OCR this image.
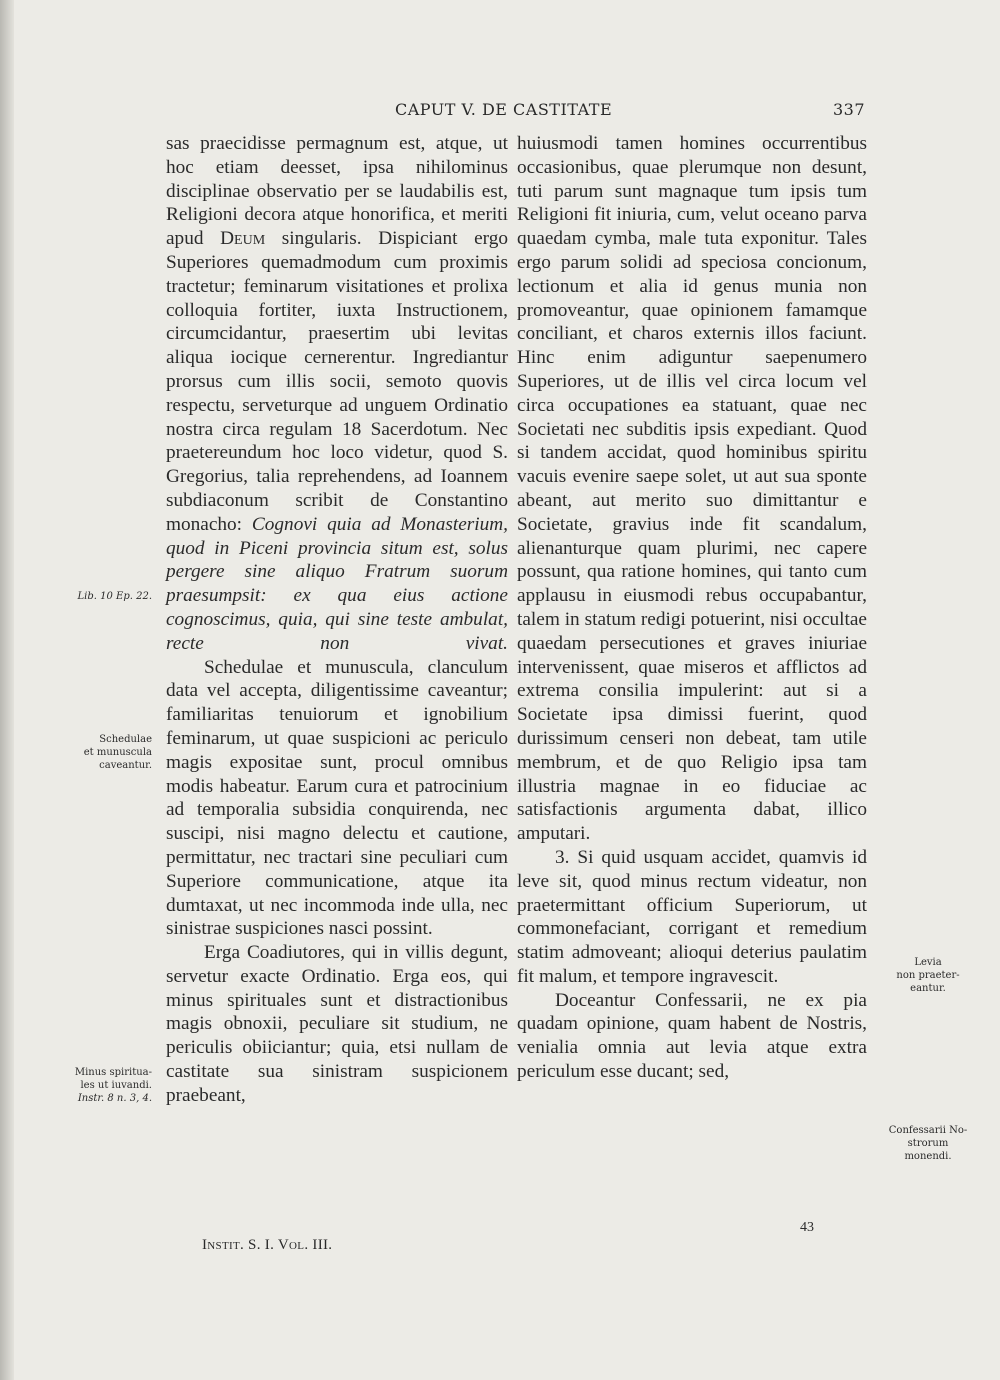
CAPUT V. DE CASTITATE	337

sas praecidisse permagnum est, atque, ut hoc etiam deesset, ipsa nihilominus disciplinae observatio per se laudabilis est, Religioni decora atque honorifica, et meriti apud Deum singularis. Dispiciant ergo Superiores quemadmodum cum proximis tractetur; feminarum visitationes et prolixa colloquia fortiter, iuxta Instructionem, circumcidantur, praesertim ubi levitas aliqua iocique cernerentur. Ingrediantur prorsus cum illis socii, semoto quovis respectu, serveturque ad unguem Ordinatio nostra circa regulam 18 Sacerdotum. Nec praetereundum hoc loco videtur, quod S. Gregorius, talia reprehendens, ad Ioannem subdiaconum scribit de Constantino monacho: Cognovi quia ad Monasterium, quod in Piceni provincia situm est, solus pergere sine aliquo Fratrum suorum praesumpsit: ex qua eius actione cognoscimus, quia, qui sine teste ambulat, recte non vivat.

Schedulae et munuscula, clanculum data vel accepta, diligentissime caveantur; familiaritas tenuiorum et ignobilium feminarum, ut quae suspicioni ac periculo magis expositae sunt, procul omnibus modis habeatur. Earum cura et patrocinium ad temporalia subsidia conquirenda, nec suscipi, nisi magno delectu et cautione, permittatur, nec tractari sine peculiari cum Superiore communicatione, atque ita dumtaxat, ut nec incommoda inde ulla, nec sinistrae suspiciones nasci possint.

Erga Coadiutores, qui in villis degunt, servetur exacte Ordinatio. Erga eos, qui minus spirituales sunt et distractionibus magis obnoxii, peculiare sit studium, ne periculis obiiciantur; quia, etsi nullam de castitate sua sinistram suspicionem praebeant,

huiusmodi tamen homines occurrentibus occasionibus, quae plerumque non desunt, tuti parum sunt magnaque tum ipsis tum Religioni fit iniuria, cum, velut oceano parva quaedam cymba, male tuta exponitur. Tales ergo parum solidi ad speciosa concionum, lectionum et alia id genus munia non promoveantur, quae opinionem famamque conciliant, et charos externis illos faciunt. Hinc enim adiguntur saepenumero Superiores, ut de illis vel circa locum vel circa occupationes ea statuant, quae nec Societati nec subditis ipsis expediant. Quod si tandem accidat, quod hominibus spiritu vacuis evenire saepe solet, ut aut sua sponte abeant, aut merito suo dimittantur e Societate, gravius inde fit scandalum, alienanturque quam plurimi, nec capere possunt, qua ratione homines, qui tanto cum applausu in eiusmodi rebus occupabantur, talem in statum redigi potuerint, nisi occultae quaedam persecutiones et graves iniuriae intervenissent, quae miseros et afflictos ad extrema consilia impulerint: aut si a Societate ipsa dimissi fuerint, quod durissimum censeri non debeat, tam utile membrum, et de quo Religio ipsa tam illustria magnae in eo fiduciae ac satisfactionis argumenta dabat, illico amputari.

3. Si quid usquam accidet, quamvis id leve sit, quod minus rectum videatur, non praetermittant officium Superiorum, ut commonefaciant, corrigant et remedium statim admoveant; alioqui deterius paulatim fit malum, et tempore ingravescit.

Doceantur Confessarii, ne ex pia quadam opinione, quam habent de Nostris, venialia omnia aut levia atque extra periculum esse ducant; sed,

Lib. 10 Ep. 22.
Schedulae
et munuscula
caveantur.
Minus spiritua-
les ut iuvandi.
Instr. 8 n. 3, 4.
Levia
non praeter-
eantur.
Confessarii No-
strorum
monendi.
Instit. S. I. Vol. III.
43
